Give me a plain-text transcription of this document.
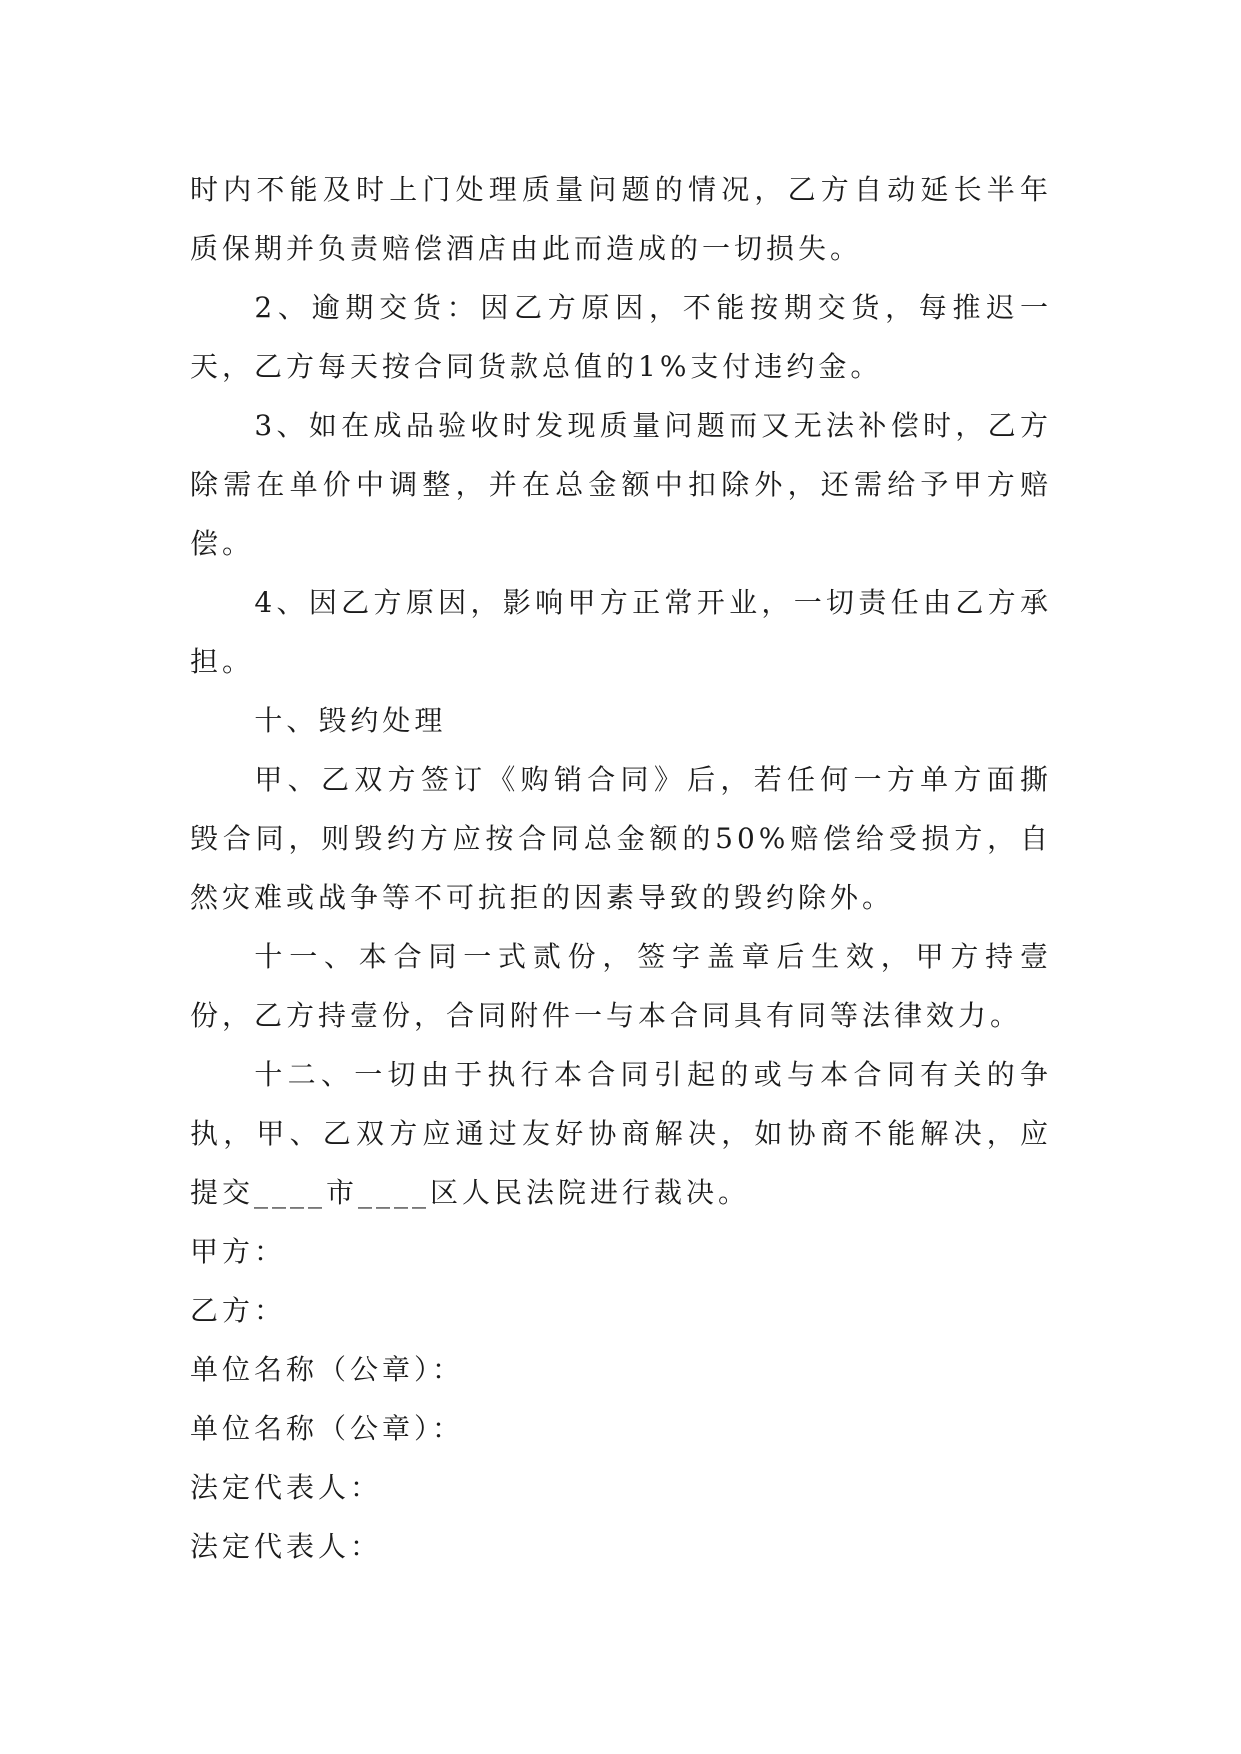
时内不能及时上门处理质量问题的情况，乙方自动延长半年质保期并负责赔偿酒店由此而造成的一切损失。

2、逾期交货：因乙方原因，不能按期交货，每推迟一天，乙方每天按合同货款总值的1%支付违约金。

3、如在成品验收时发现质量问题而又无法补偿时，乙方除需在单价中调整，并在总金额中扣除外，还需给予甲方赔偿。

4、因乙方原因，影响甲方正常开业，一切责任由乙方承担。

十、毁约处理

甲、乙双方签订《购销合同》后，若任何一方单方面撕毁合同，则毁约方应按合同总金额的50%赔偿给受损方，自然灾难或战争等不可抗拒的因素导致的毁约除外。

十一、本合同一式贰份，签字盖章后生效，甲方持壹份，乙方持壹份，合同附件一与本合同具有同等法律效力。

十二、一切由于执行本合同引起的或与本合同有关的争执，甲、乙双方应通过友好协商解决，如协商不能解决，应提交____市____区人民法院进行裁决。

甲方：

乙方：

单位名称（公章）：

单位名称（公章）：

法定代表人：

法定代表人：
